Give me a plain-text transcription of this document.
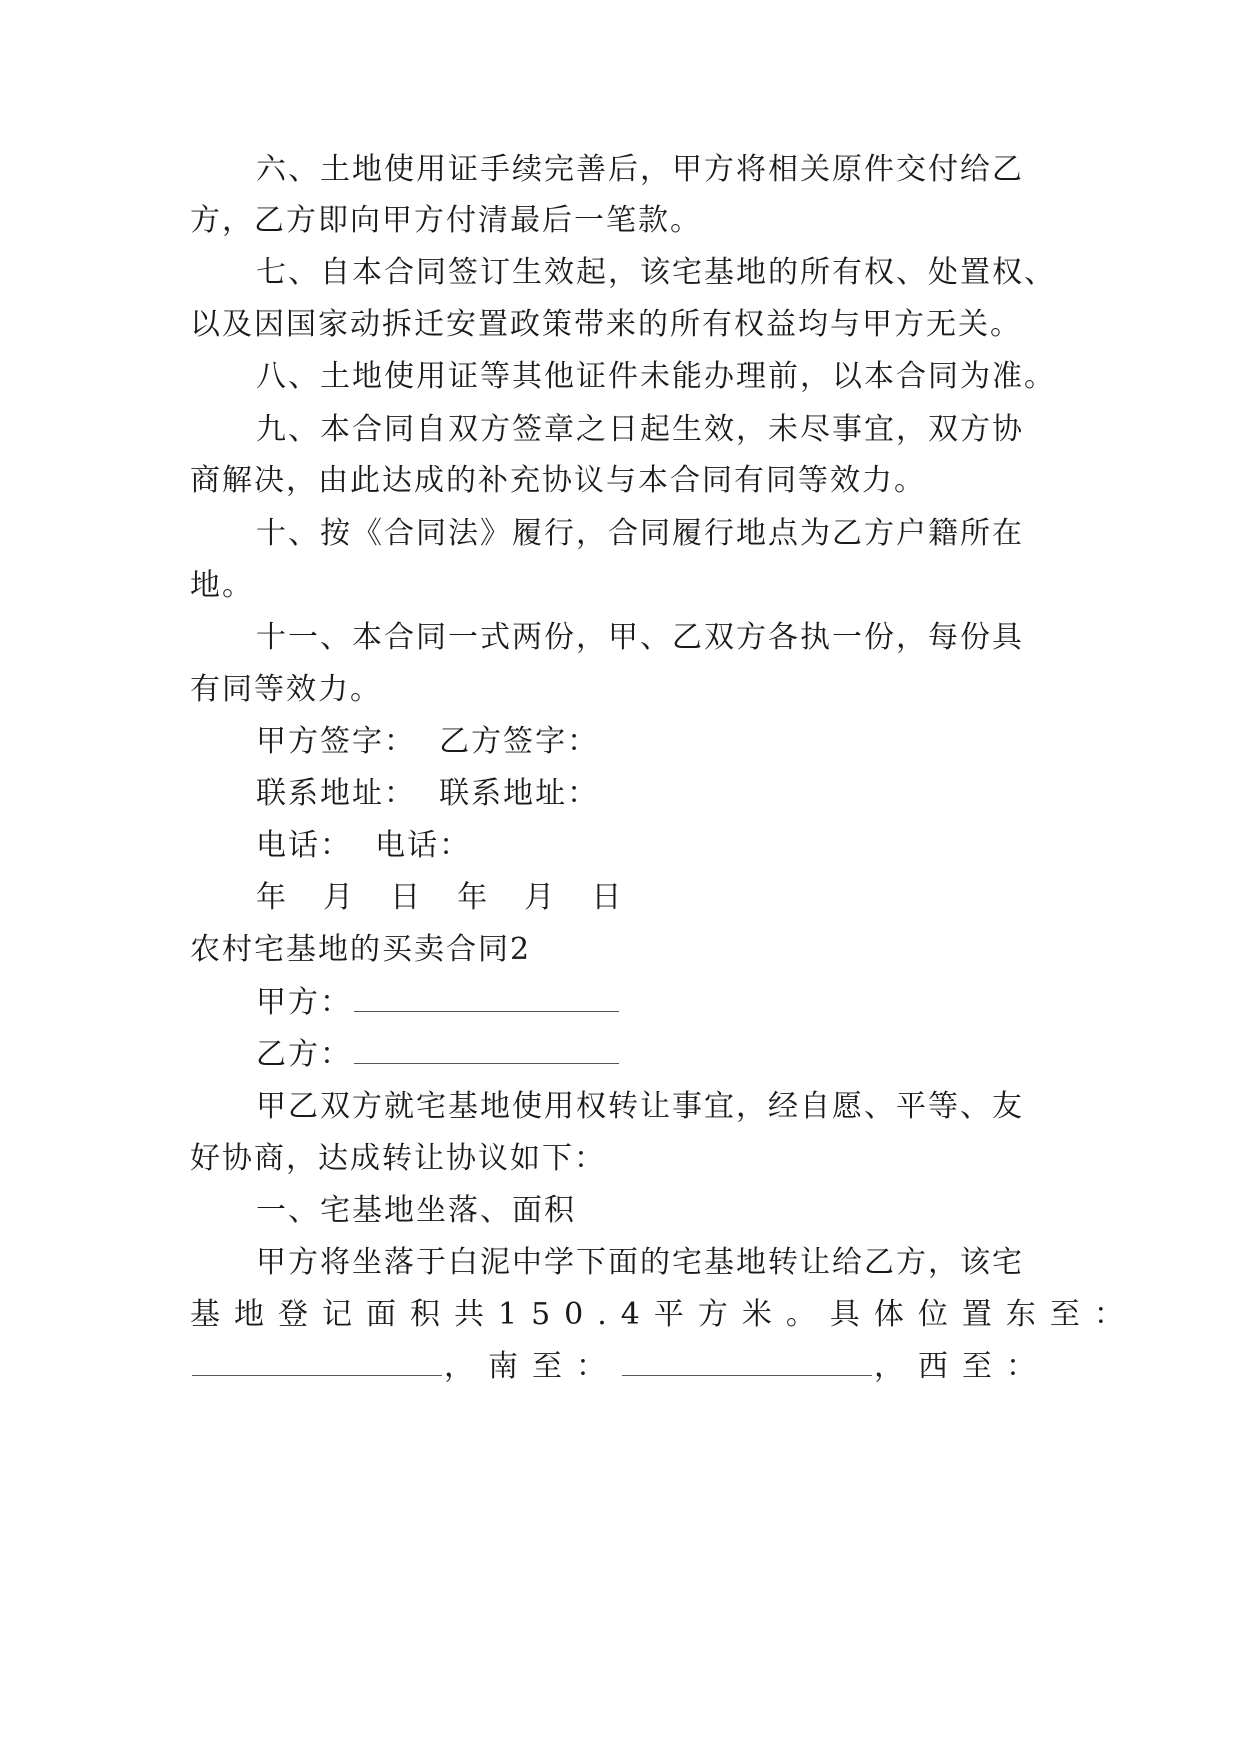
六、土地使用证手续完善后，甲方将相关原件交付给乙
方，乙方即向甲方付清最后一笔款。
七、自本合同签订生效起，该宅基地的所有权、处置权、
以及因国家动拆迁安置政策带来的所有权益均与甲方无关。
八、土地使用证等其他证件未能办理前，以本合同为准。
九、本合同自双方签章之日起生效，未尽事宜，双方协
商解决，由此达成的补充协议与本合同有同等效力。
十、按《合同法》履行，合同履行地点为乙方户籍所在
地。
十一、本合同一式两份，甲、乙双方各执一份，每份具
有同等效力。
甲方签字：  乙方签字：
联系地址：  联系地址：
电话：  电话：
年  月  日  年  月  日
农村宅基地的买卖合同2
甲方：
乙方：
甲乙双方就宅基地使用权转让事宜，经自愿、平等、友
好协商，达成转让协议如下：
一、宅基地坐落、面积
甲方将坐落于白泥中学下面的宅基地转让给乙方，该宅
基地登记面积共150.4平方米。具体位置东至：
，南至：	，西至：
